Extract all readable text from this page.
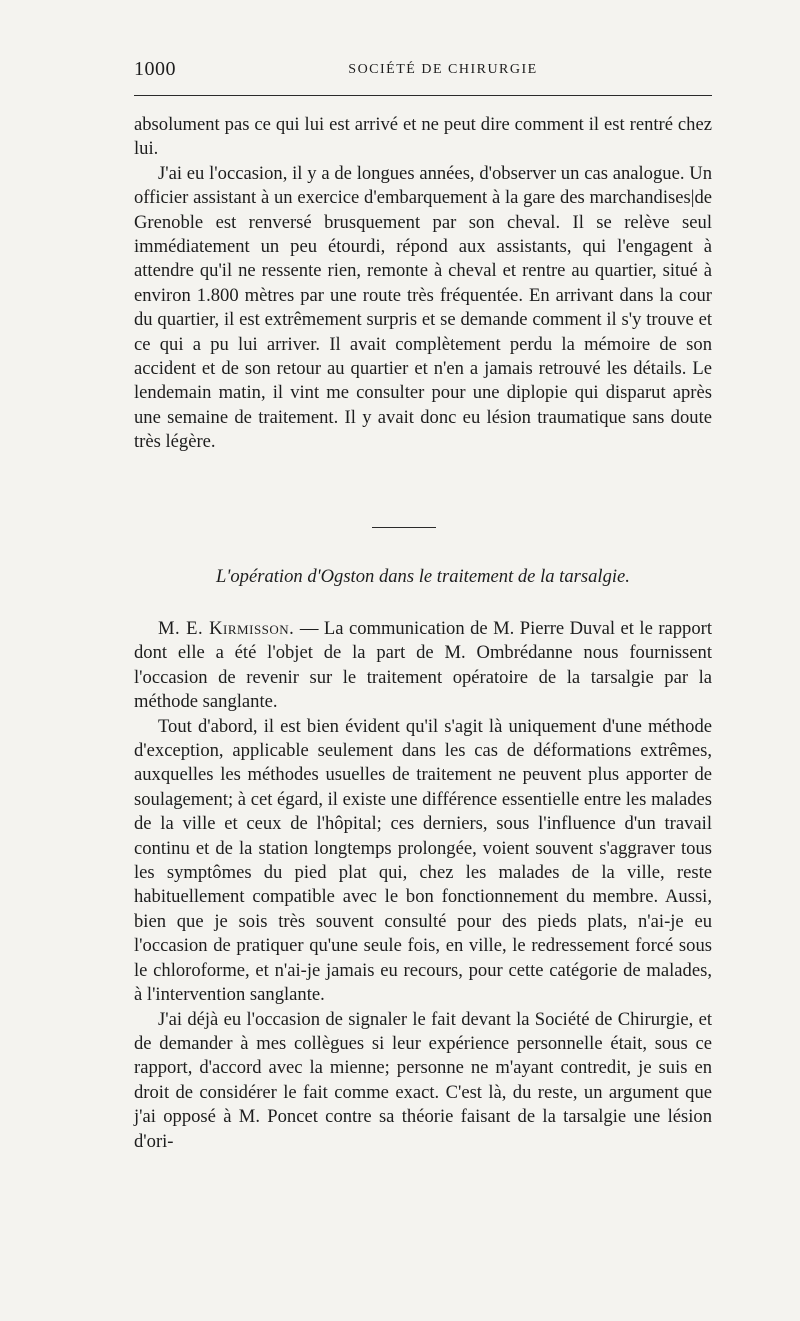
1000	SOCIÉTÉ DE CHIRURGIE

absolument pas ce qui lui est arrivé et ne peut dire comment il est rentré chez lui.

J'ai eu l'occasion, il y a de longues années, d'observer un cas analogue. Un officier assistant à un exercice d'embarquement à la gare des marchandises|de Grenoble est renversé brusquement par son cheval. Il se relève seul immédiatement un peu étourdi, répond aux assistants, qui l'engagent à attendre qu'il ne ressente rien, remonte à cheval et rentre au quartier, situé à environ 1.800 mètres par une route très fréquentée. En arrivant dans la cour du quartier, il est extrêmement surpris et se demande comment il s'y trouve et ce qui a pu lui arriver. Il avait complètement perdu la mémoire de son accident et de son retour au quartier et n'en a jamais retrouvé les détails. Le lendemain matin, il vint me consulter pour une diplopie qui disparut après une semaine de traitement. Il y avait donc eu lésion traumatique sans doute très légère.

L'opération d'Ogston dans le traitement de la tarsalgie.

M. E. Kirmisson. — La communication de M. Pierre Duval et le rapport dont elle a été l'objet de la part de M. Ombrédanne nous fournissent l'occasion de revenir sur le traitement opératoire de la tarsalgie par la méthode sanglante.

Tout d'abord, il est bien évident qu'il s'agit là uniquement d'une méthode d'exception, applicable seulement dans les cas de déformations extrêmes, auxquelles les méthodes usuelles de traitement ne peuvent plus apporter de soulagement; à cet égard, il existe une différence essentielle entre les malades de la ville et ceux de l'hôpital; ces derniers, sous l'influence d'un travail continu et de la station longtemps prolongée, voient souvent s'aggraver tous les symptômes du pied plat qui, chez les malades de la ville, reste habituellement compatible avec le bon fonctionnement du membre. Aussi, bien que je sois très souvent consulté pour des pieds plats, n'ai-je eu l'occasion de pratiquer qu'une seule fois, en ville, le redressement forcé sous le chloroforme, et n'ai-je jamais eu recours, pour cette catégorie de malades, à l'intervention sanglante.

J'ai déjà eu l'occasion de signaler le fait devant la Société de Chirurgie, et de demander à mes collègues si leur expérience personnelle était, sous ce rapport, d'accord avec la mienne; personne ne m'ayant contredit, je suis en droit de considérer le fait comme exact. C'est là, du reste, un argument que j'ai opposé à M. Poncet contre sa théorie faisant de la tarsalgie une lésion d'ori-
